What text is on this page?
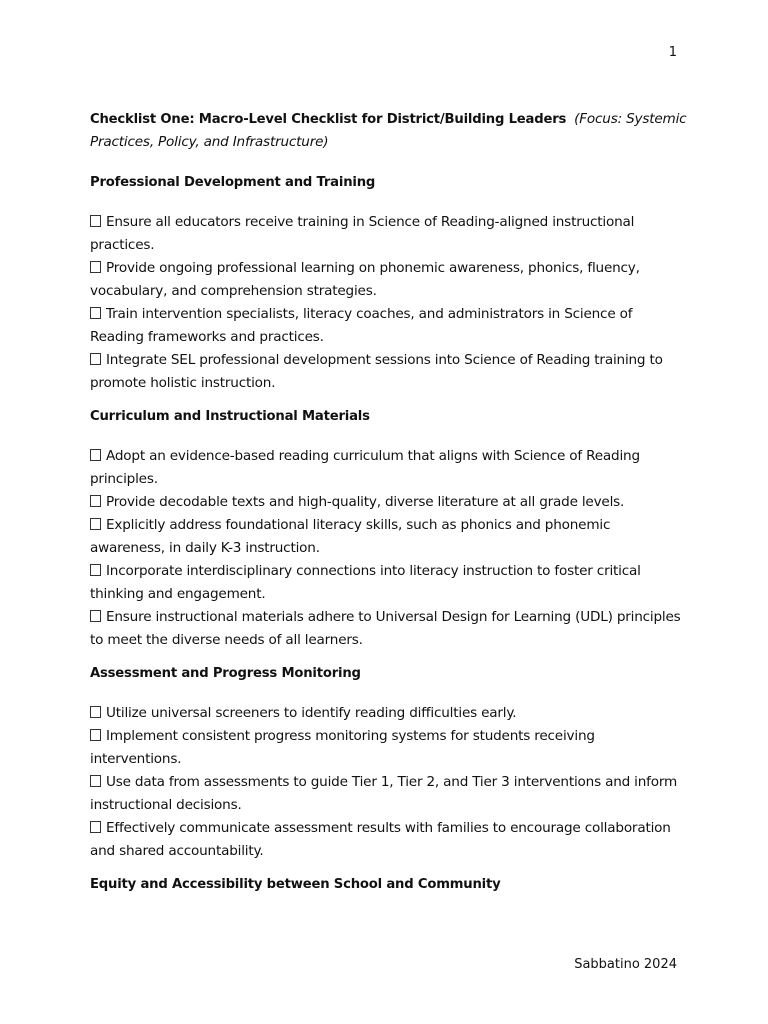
1

Checklist One: Macro-Level Checklist for District/Building Leaders (Focus: Systemic Practices, Policy, and Infrastructure)

Professional Development and Training
Ensure all educators receive training in Science of Reading-aligned instructional practices.
Provide ongoing professional learning on phonemic awareness, phonics, fluency, vocabulary, and comprehension strategies.
Train intervention specialists, literacy coaches, and administrators in Science of Reading frameworks and practices.
Integrate SEL professional development sessions into Science of Reading training to promote holistic instruction.
Curriculum and Instructional Materials
Adopt an evidence-based reading curriculum that aligns with Science of Reading principles.
Provide decodable texts and high-quality, diverse literature at all grade levels.
Explicitly address foundational literacy skills, such as phonics and phonemic awareness, in daily K-3 instruction.
Incorporate interdisciplinary connections into literacy instruction to foster critical thinking and engagement.
Ensure instructional materials adhere to Universal Design for Learning (UDL) principles to meet the diverse needs of all learners.
Assessment and Progress Monitoring
Utilize universal screeners to identify reading difficulties early.
Implement consistent progress monitoring systems for students receiving interventions.
Use data from assessments to guide Tier 1, Tier 2, and Tier 3 interventions and inform instructional decisions.
Effectively communicate assessment results with families to encourage collaboration and shared accountability.
Equity and Accessibility between School and Community
Sabbatino 2024
